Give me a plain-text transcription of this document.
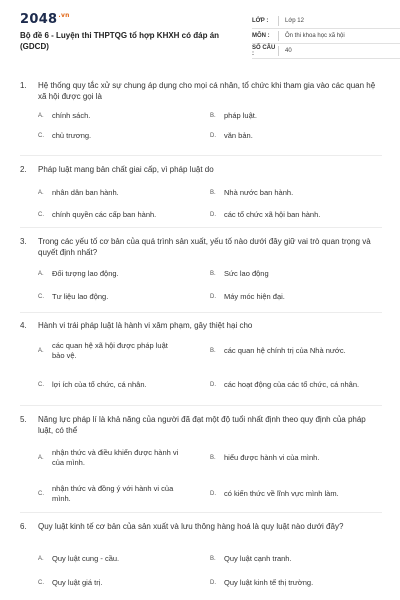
$2048^{.vn}$
Bộ đề 6 - Luyện thi THPTQG tổ hợp KHXH có đáp án (GDCD)
LỚP :	Lớp 12
MÔN :	Ôn thi khoa học xã hội
SỐ CÂU :	40
1.	Hệ thống quy tắc xử sự chung áp dụng cho mọi cá nhân, tổ chức khi tham gia vào các quan hệ xã hội được gọi là
A.	chính sách.	B.	pháp luật.
C.	chủ trương.	D.	văn bản.
2.	Pháp luật mang bản chất giai cấp, vì pháp luật do
A.	nhân dân ban hành.	B.	Nhà nước ban hành.
C.	chính quyền các cấp ban hành.	D.	các tổ chức xã hội ban hành.
3.	Trong các yếu tố cơ bản của quá trình sản xuất, yếu tố nào dưới đây giữ vai trò quan trọng và quyết định nhất?
A.	Đối tượng lao động.	B.	Sức lao động
C.	Tư liệu lao động.	D.	Máy móc hiện đại.
4.	Hành vi trái pháp luật là hành vi xâm phạm, gây thiệt hại cho
A.
các quan hệ xã hội được pháp luật bảo vệ.	B.	các quan hệ chính trị của Nhà nước.
C.	lợi ích của tổ chức, cá nhân.	D.	các hoạt động của các tổ chức, cá nhân.
5.	Năng lực pháp lí là khả năng của người đã đạt một độ tuổi nhất định theo quy định của pháp luật, có thể
A.
nhận thức và điều khiển được hành vi của mình.	B.	hiểu được hành vi của mình.
C.
nhận thức và đồng ý với hành vi của mình.	D.	có kiến thức về lĩnh vực mình làm.
6.	Quy luật kinh tế cơ bản của sản xuất và lưu thông hàng hoá là quy luật nào dưới đây?
A.	Quy luật cung - cầu.	B.	Quy luật cạnh tranh.
C.	Quy luật giá trị.	D.	Quy luật kinh tế thị trường.
